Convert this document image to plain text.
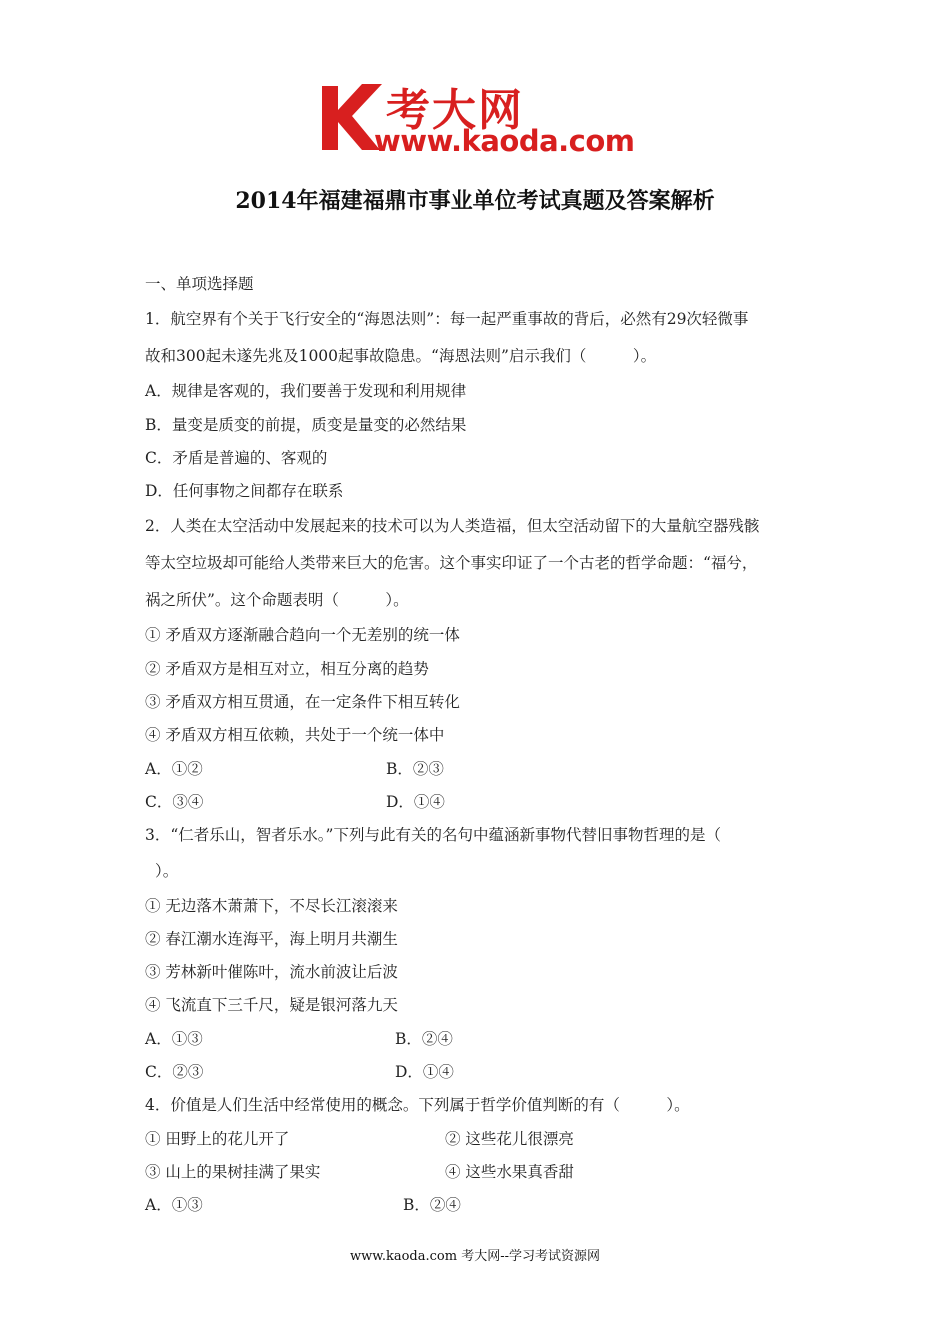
考大网
www.kaoda.com
2014年福建福鼎市事业单位考试真题及答案解析
一、单项选择题
1．航空界有个关于飞行安全的“海恩法则”：每一起严重事故的背后，必然有29次轻微事
故和300起未遂先兆及1000起事故隐患。“海恩法则”启示我们（　　　）。
A．规律是客观的，我们要善于发现和利用规律
B．量变是质变的前提，质变是量变的必然结果
C．矛盾是普遍的、客观的
D．任何事物之间都存在联系
2．人类在太空活动中发展起来的技术可以为人类造福，但太空活动留下的大量航空器残骸
等太空垃圾却可能给人类带来巨大的危害。这个事实印证了一个古老的哲学命题：“福兮，
祸之所伏”。这个命题表明（　　　）。
① 矛盾双方逐渐融合趋向一个无差别的统一体
② 矛盾双方是相互对立，相互分离的趋势
③ 矛盾双方相互贯通，在一定条件下相互转化
④ 矛盾双方相互依赖，共处于一个统一体中
A．①②	B．②③
C．③④	D．①④
3．“仁者乐山，智者乐水。”下列与此有关的名句中蕴涵新事物代替旧事物哲理的是（
）。
① 无边落木萧萧下，不尽长江滚滚来
② 春江潮水连海平，海上明月共潮生
③ 芳林新叶催陈叶，流水前波让后波
④ 飞流直下三千尺，疑是银河落九天
A．①③	B．②④
C．②③	D．①④
4．价值是人们生活中经常使用的概念。下列属于哲学价值判断的有（　　　）。
① 田野上的花儿开了	② 这些花儿很漂亮
③ 山上的果树挂满了果实	④ 这些水果真香甜
A．①③	B．②④
www.kaoda.com 考大网--学习考试资源网
